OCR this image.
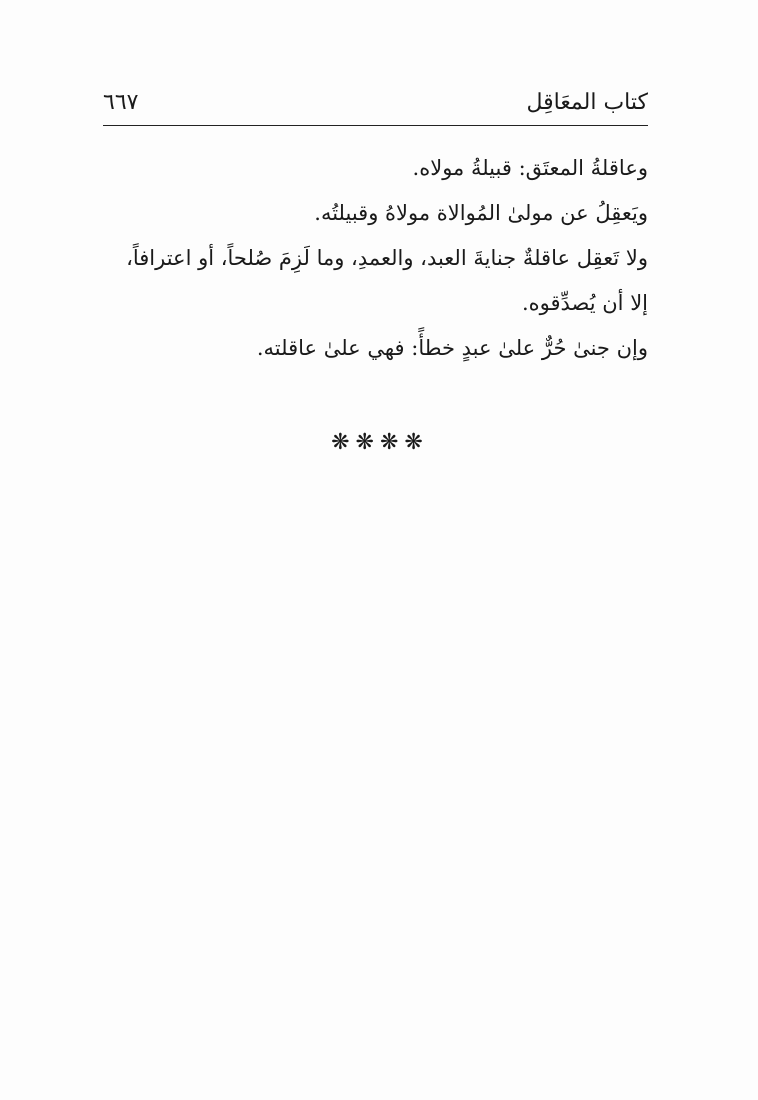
كتاب المعَاقِل
٦٦٧

وعاقلةُ المعتَق: قبيلةُ مولاه.

ويَعقِلُ عن مولىٰ المُوالاة مولاهُ وقبيلتُه.

ولا تَعقِل عاقلةٌ جنايةَ العبد، والعمدِ، وما لَزِمَ صُلحاً، أو اعترافاً، إلا أن يُصدِّقوه.

وإن جنىٰ حُرٌّ علىٰ عبدٍ خطأً: فهي علىٰ عاقلته.

❋❋❋❋
